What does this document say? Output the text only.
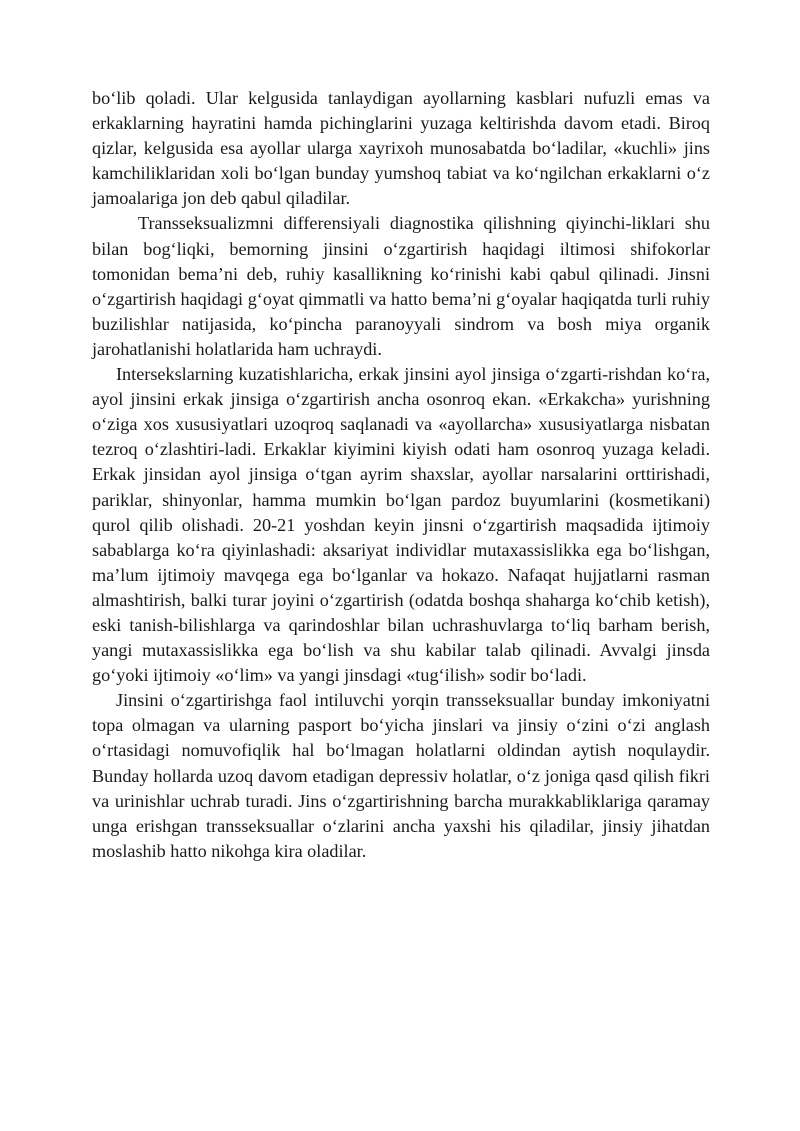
bo‘lib qoladi. Ular kelgusida tanlaydigan ayollarning kasblari nufuzli emas va erkaklarning hayratini hamda pichinglarini yuzaga keltirishda davom etadi. Biroq qizlar, kelgusida esa ayollar ularga xayrixoh munosabatda bo‘ladilar, «kuchli» jins kamchiliklaridan xoli bo‘lgan bunday yumshoq tabiat va ko‘ngilchan erkaklarni o‘z jamoalariga jon deb qabul qiladilar.

Transseksualizmni differensiyali diagnostika qilishning qiyinchi-liklari shu bilan bog‘liqki, bemorning jinsini o‘zgartirish haqidagi iltimosi shifokorlar tomonidan bema’ni deb, ruhiy kasallikning ko‘rinishi kabi qabul qilinadi. Jinsni o‘zgartirish haqidagi g‘oyat qimmatli va hatto bema’ni g‘oyalar haqiqatda turli ruhiy buzilishlar natijasida, ko‘pincha paranoyyali sindrom va bosh miya organik jarohatlanishi holatlarida ham uchraydi.

Intersekslarning kuzatishlaricha, erkak jinsini ayol jinsiga o‘zgarti-rishdan ko‘ra, ayol jinsini erkak jinsiga o‘zgartirish ancha osonroq ekan. «Erkakcha» yurishning o‘ziga xos xususiyatlari uzoqroq saqlanadi va «ayollarcha» xususiyatlarga nisbatan tezroq o‘zlashtiri-ladi. Erkaklar kiyimini kiyish odati ham osonroq yuzaga keladi. Erkak jinsidan ayol jinsiga o‘tgan ayrim shaxslar, ayollar narsalarini orttirishadi, pariklar, shinyonlar, hamma mumkin bo‘lgan pardoz buyumlarini (kosmetikani) qurol qilib olishadi. 20-21 yoshdan keyin jinsni o‘zgartirish maqsadida ijtimoiy sabablarga ko‘ra qiyinlashadi: aksariyat individlar mutaxassislikka ega bo‘lishgan, ma’lum ijtimoiy mavqega ega bo‘lganlar va hokazo. Nafaqat hujjatlarni rasman almashtirish, balki turar joyini o‘zgartirish (odatda boshqa shaharga ko‘chib ketish), eski tanish-bilishlarga va qarindoshlar bilan uchrashuvlarga to‘liq barham berish, yangi mutaxassislikka ega bo‘lish va shu kabilar talab qilinadi. Avvalgi jinsda go‘yoki ijtimoiy «o‘lim» va yangi jinsdagi «tug‘ilish» sodir bo‘ladi.

Jinsini o‘zgartirishga faol intiluvchi yorqin transseksuallar bunday imkoniyatni topa olmagan va ularning pasport bo‘yicha jinslari va jinsiy o‘zini o‘zi anglash o‘rtasidagi nomuvofiqlik hal bo‘lmagan holatlarni oldindan aytish noqulaydir. Bunday hollarda uzoq davom etadigan depressiv holatlar, o‘z joniga qasd qilish fikri va urinishlar uchrab turadi. Jins o‘zgartirishning barcha murakkabliklariga qaramay unga erishgan transseksuallar o‘zlarini ancha yaxshi his qiladilar, jinsiy jihatdan moslashib hatto nikohga kira oladilar.
